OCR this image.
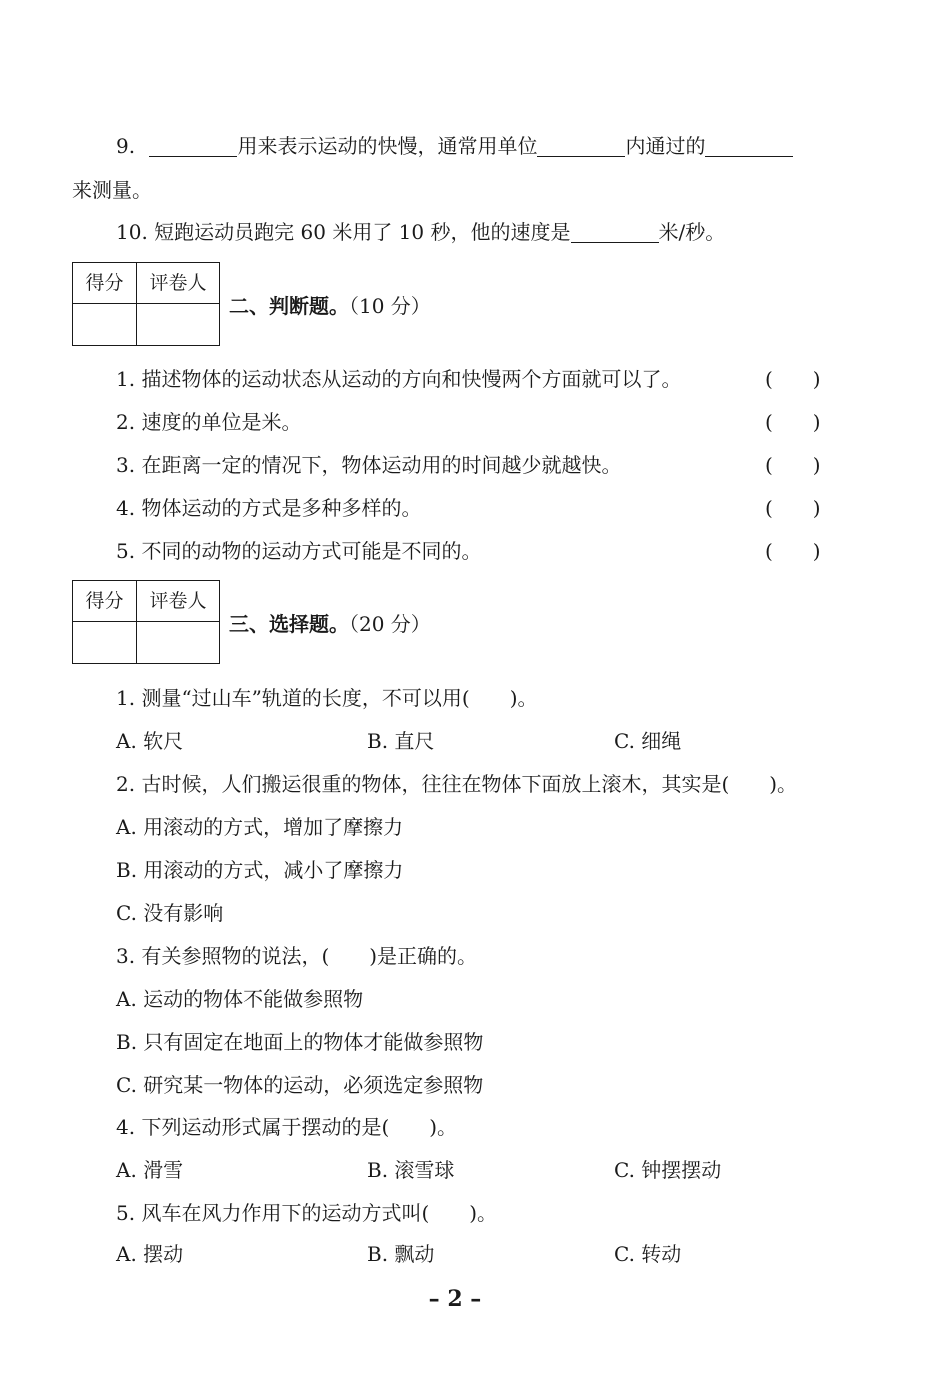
9.	用来表示运动的快慢，通常用单位	内通过的
来测量。
10. 短跑运动员跑完 60 米用了 10 秒，他的速度是	米/秒。
得分	评卷人
二、判断题。（10 分）
1. 描述物体的运动状态从运动的方向和快慢两个方面就可以了。	(　　)
2. 速度的单位是米。	(　　)
3. 在距离一定的情况下，物体运动用的时间越少就越快。	(　　)
4. 物体运动的方式是多种多样的。	(　　)
5. 不同的动物的运动方式可能是不同的。	(　　)
得分	评卷人
三、选择题。（20 分）
1. 测量“过山车”轨道的长度，不可以用(　　)。
A. 软尺	B. 直尺	C. 细绳
2. 古时候，人们搬运很重的物体，往往在物体下面放上滚木，其实是(　　)。
A. 用滚动的方式，增加了摩擦力
B. 用滚动的方式，减小了摩擦力
C. 没有影响
3. 有关参照物的说法，(　　)是正确的。
A. 运动的物体不能做参照物
B. 只有固定在地面上的物体才能做参照物
C. 研究某一物体的运动，必须选定参照物
4. 下列运动形式属于摆动的是(　　)。
A. 滑雪	B. 滚雪球	C. 钟摆摆动
5. 风车在风力作用下的运动方式叫(　　)。
A. 摆动	B. 飘动	C. 转动
– 2 –
